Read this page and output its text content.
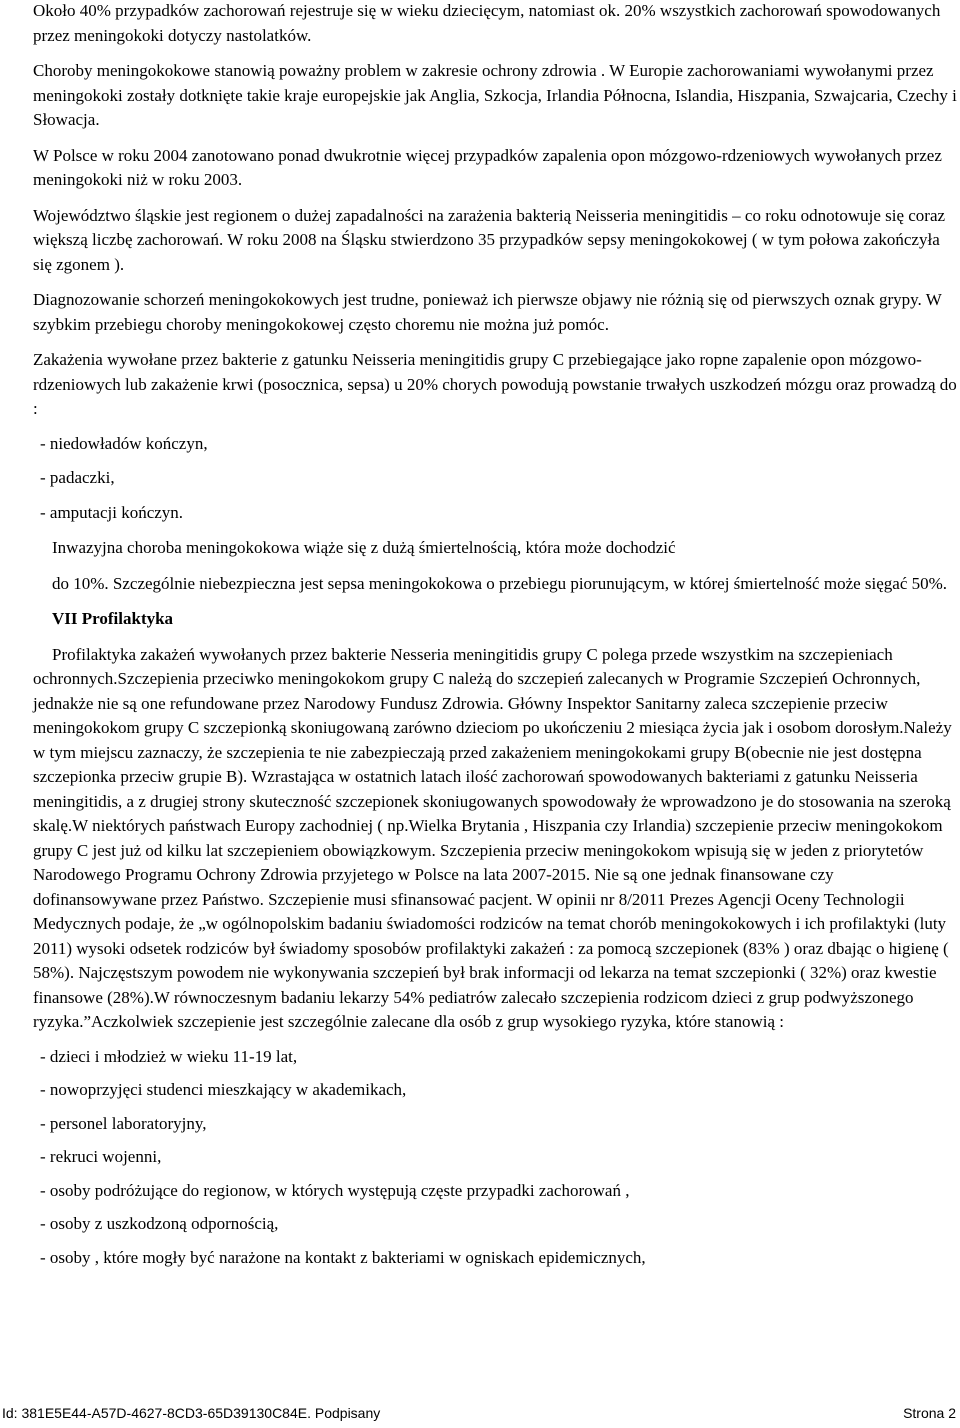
Około 40% przypadków zachorowań rejestruje się w wieku dziecięcym, natomiast ok. 20% wszystkich zachorowań spowodowanych przez meningokoki dotyczy nastolatków.

Choroby meningokokowe stanowią poważny problem w zakresie ochrony zdrowia . W Europie zachorowaniami wywołanymi przez meningokoki zostały dotknięte takie kraje europejskie jak Anglia, Szkocja, Irlandia Północna, Islandia, Hiszpania, Szwajcaria, Czechy i Słowacja.

W Polsce w roku 2004 zanotowano ponad dwukrotnie więcej przypadków zapalenia opon mózgowo-rdzeniowych wywołanych przez meningokoki niż w roku 2003.

Województwo śląskie jest regionem o dużej zapadalności na zarażenia bakterią Neisseria meningitidis – co roku odnotowuje się coraz większą liczbę zachorowań. W roku 2008 na Śląsku stwierdzono 35 przypadków sepsy meningokokowej ( w tym połowa zakończyła się zgonem ).

Diagnozowanie schorzeń meningokokowych jest trudne, ponieważ ich pierwsze objawy nie różnią się od pierwszych oznak grypy. W szybkim przebiegu choroby meningokokowej często choremu nie można już pomóc.

Zakażenia wywołane przez bakterie z gatunku Neisseria meningitidis grupy C przebiegające jako ropne zapalenie opon mózgowo-rdzeniowych lub zakażenie krwi (posocznica, sepsa) u 20% chorych powodują powstanie trwałych uszkodzeń mózgu oraz prowadzą do :

- niedowładów kończyn,

- padaczki,

- amputacji kończyn.

Inwazyjna choroba meningokokowa wiąże się z dużą śmiertelnością, która może dochodzić

do 10%. Szczególnie niebezpieczna jest sepsa meningokokowa o przebiegu piorunującym, w której śmiertelność może sięgać 50%.

VII Profilaktyka

Profilaktyka zakażeń wywołanych przez bakterie Nesseria meningitidis grupy C polega przede wszystkim na szczepieniach ochronnych.Szczepienia przeciwko meningokokom grupy C należą do szczepień zalecanych w Programie Szczepień Ochronnych, jednakże nie są one refundowane przez Narodowy Fundusz Zdrowia. Główny Inspektor Sanitarny zaleca szczepienie przeciw meningokokom grupy C szczepionką skoniugowaną zarówno dzieciom po ukończeniu 2 miesiąca życia jak i osobom dorosłym.Należy w tym miejscu zaznaczy, że szczepienia te nie zabezpieczają przed zakażeniem meningokokami grupy B(obecnie nie jest dostępna szczepionka przeciw grupie B). Wzrastająca w ostatnich latach ilość zachorowań spowodowanych bakteriami z gatunku Neisseria meningitidis, a z drugiej strony skuteczność szczepionek skoniugowanych spowodowały że wprowadzono je do stosowania na szeroką skalę.W niektórych państwach Europy zachodniej ( np.Wielka Brytania , Hiszpania czy Irlandia) szczepienie przeciw meningokokom grupy C jest już od kilku lat szczepieniem obowiązkowym. Szczepienia przeciw meningokokom wpisują się w jeden z priorytetów Narodowego Programu Ochrony Zdrowia przyjetego w Polsce na lata 2007-2015. Nie są one jednak finansowane czy dofinansowywane przez Państwo. Szczepienie musi sfinansować pacjent. W opinii nr 8/2011 Prezes Agencji Oceny Technologii Medycznych podaje, że „w ogólnopolskim badaniu świadomości rodziców na temat chorób meningokokowych i ich profilaktyki (luty 2011) wysoki odsetek rodziców był świadomy sposobów profilaktyki zakażeń : za pomocą szczepionek (83% ) oraz dbając o higienę ( 58%). Najczęstszym powodem nie wykonywania szczepień był brak informacji od lekarza na temat szczepionki ( 32%) oraz kwestie finansowe (28%).W równoczesnym badaniu lekarzy 54% pediatrów zalecało szczepienia rodzicom dzieci z grup podwyższonego ryzyka.”Aczkolwiek szczepienie jest szczególnie zalecane dla osób z grup wysokiego ryzyka, które stanowią :

- dzieci i młodzież w wieku 11-19 lat,

- nowoprzyjęci studenci mieszkający w akademikach,

- personel laboratoryjny,

- rekruci wojenni,

- osoby podróżujące do regionow, w których występują częste przypadki zachorowań ,

- osoby z uszkodzoną odpornością,

- osoby , które mogły być narażone na kontakt z bakteriami w ogniskach epidemicznych,

Id: 381E5E44-A57D-4627-8CD3-65D39130C84E. Podpisany	Strona 2
